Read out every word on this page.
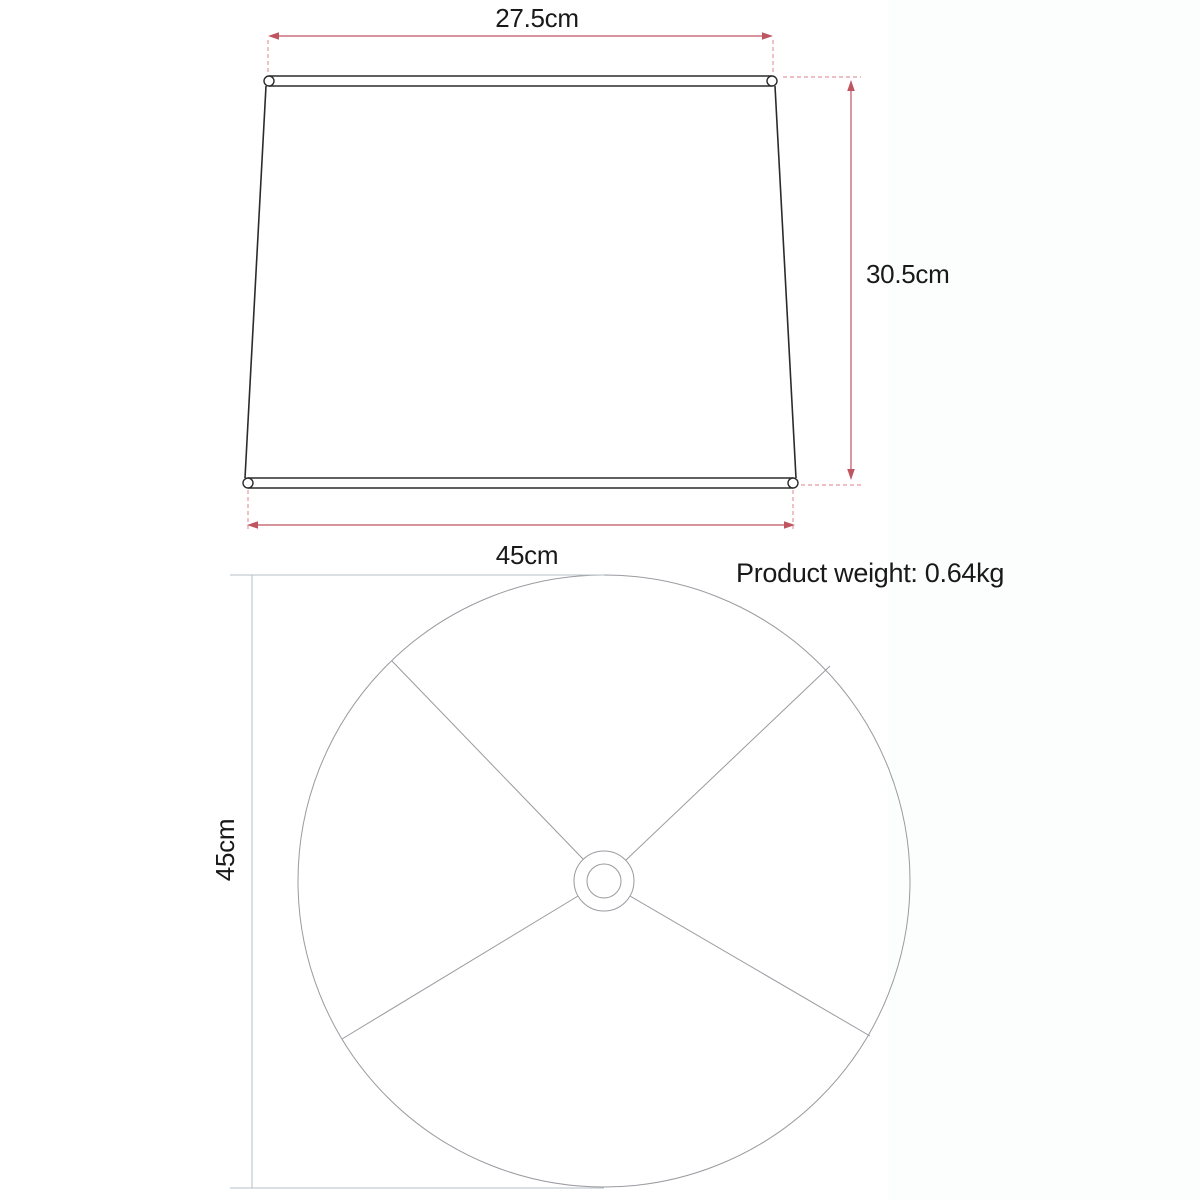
27.5cm
30.5cm
45cm
Product weight: 0.64kg
45cm
